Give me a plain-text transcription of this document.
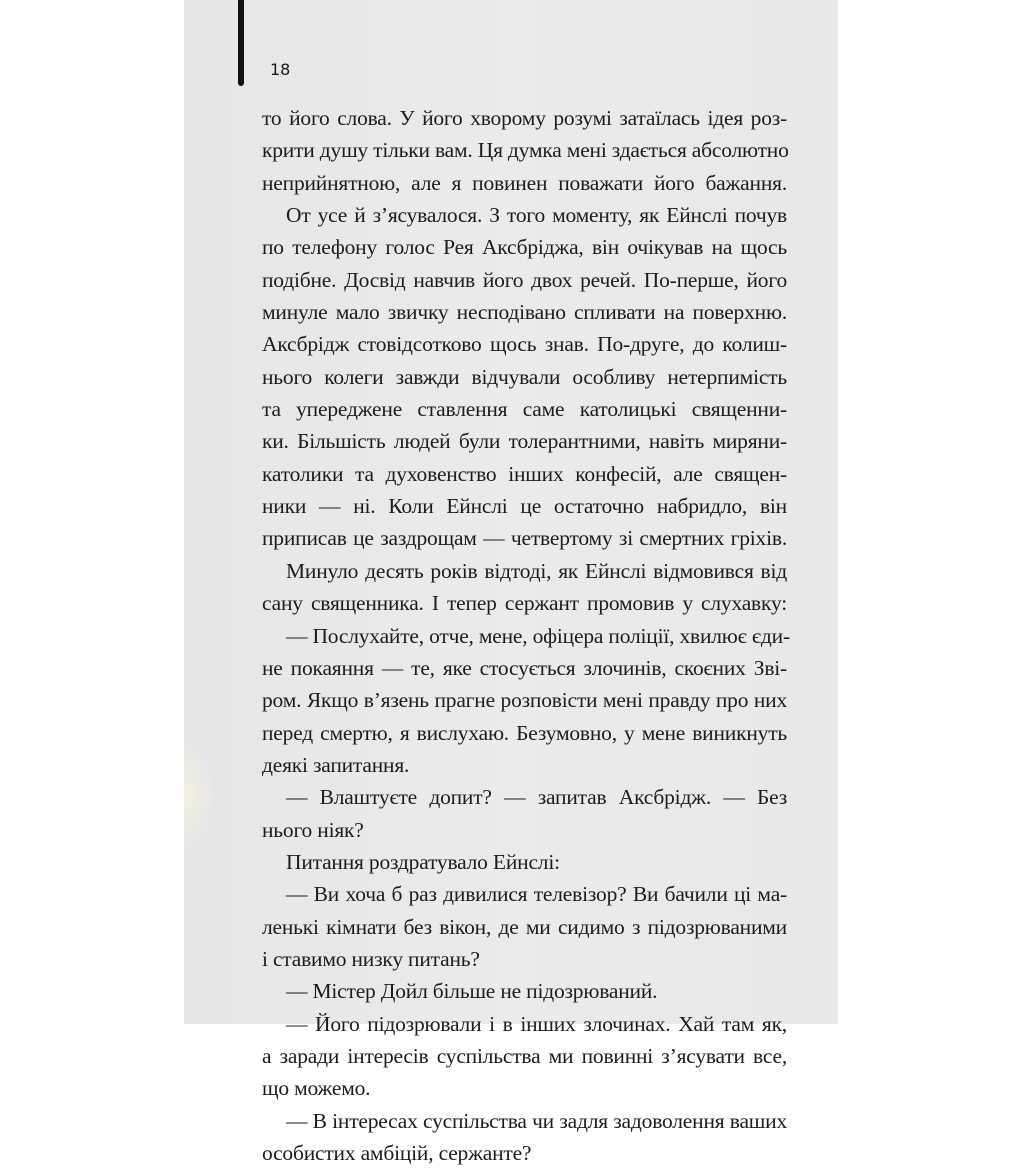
18
то його слова. У його хворому розумі затаїлась ідея роз-
крити душу тільки вам. Ця думка мені здається абсолютно
неприйнятною, але я повинен поважати його бажання.
От усе й з’ясувалося. З того моменту, як Ейнслі почув
по телефону голос Рея Аксбріджа, він очікував на щось
подібне. Досвід навчив його двох речей. По-перше, його
минуле мало звичку несподівано спливати на поверхню.
Аксбрідж стовідсотково щось знав. По-друге, до колиш-
нього колеги завжди відчували особливу нетерпимість
та упереджене ставлення саме католицькі священни-
ки. Більшість людей були толерантними, навіть миряни-
католики та духовенство інших конфесій, але священ-
ники — ні. Коли Ейнслі це остаточно набридло, він
приписав це заздрощам — четвертому зі смертних гріхів.
Минуло десять років відтоді, як Ейнслі відмовився від
сану священника. І тепер сержант промовив у слухавку:
— Послухайте, отче, мене, офіцера поліції, хвилює єди-
не покаяння — те, яке стосується злочинів, скоєних Зві-
ром. Якщо в’язень прагне розповісти мені правду про них
перед смертю, я вислухаю. Безумовно, у мене виникнуть
деякі запитання.
— Влаштуєте допит? — запитав Аксбрідж. — Без
нього ніяк?
Питання роздратувало Ейнслі:
— Ви хоча б раз дивилися телевізор? Ви бачили ці ма-
ленькі кімнати без вікон, де ми сидимо з підозрюваними
і ставимо низку питань?
— Містер Дойл більше не підозрюваний.
— Його підозрювали і в інших злочинах. Хай там як,
а заради інтересів суспільства ми повинні з’ясувати все,
що можемо.
— В інтересах суспільства чи задля задоволення ваших
особистих амбіцій, сержанте?
